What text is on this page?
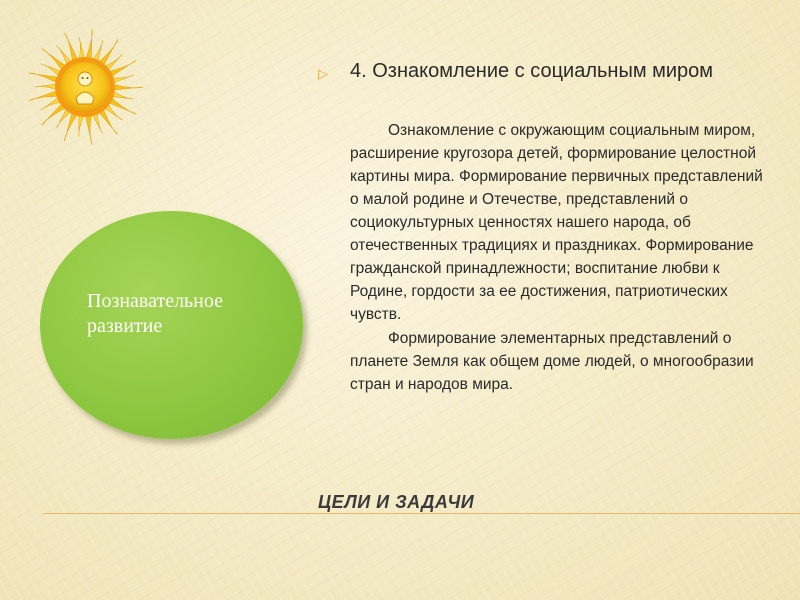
Познавательное развитие
▷ 4. Ознакомление с социальным миром

Ознакомление с окружающим социальным миром, расширение кругозора детей, формирование целостной картины мира. Формирование первичных представлений о малой родине и Отечестве, представлений о социокультурных ценностях нашего народа, об отечественных традициях и праздниках. Формирование гражданской принадлежности; воспитание любви к Родине, гордости за ее достижения, патриотических чувств.

Формирование элементарных представлений о планете Земля как общем доме людей, о многообразии стран и народов мира.

ЦЕЛИ И ЗАДАЧИ
